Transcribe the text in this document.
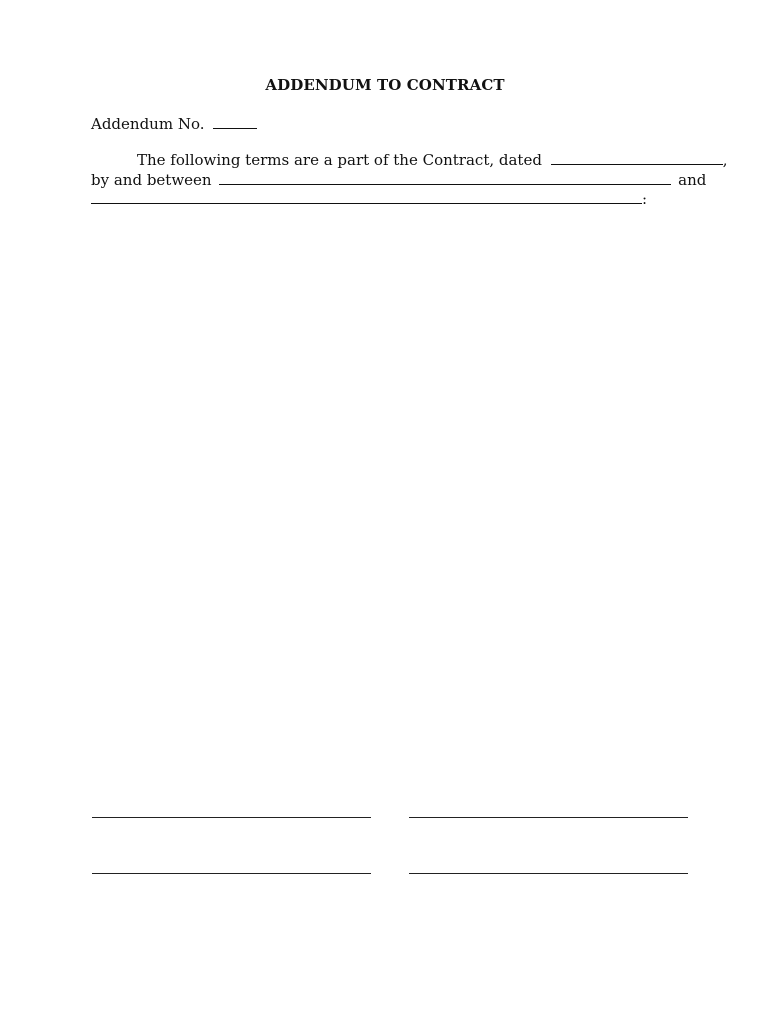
ADDENDUM TO CONTRACT
Addendum No.
The following terms are a part of the Contract, dated	,
by and between	and
:
